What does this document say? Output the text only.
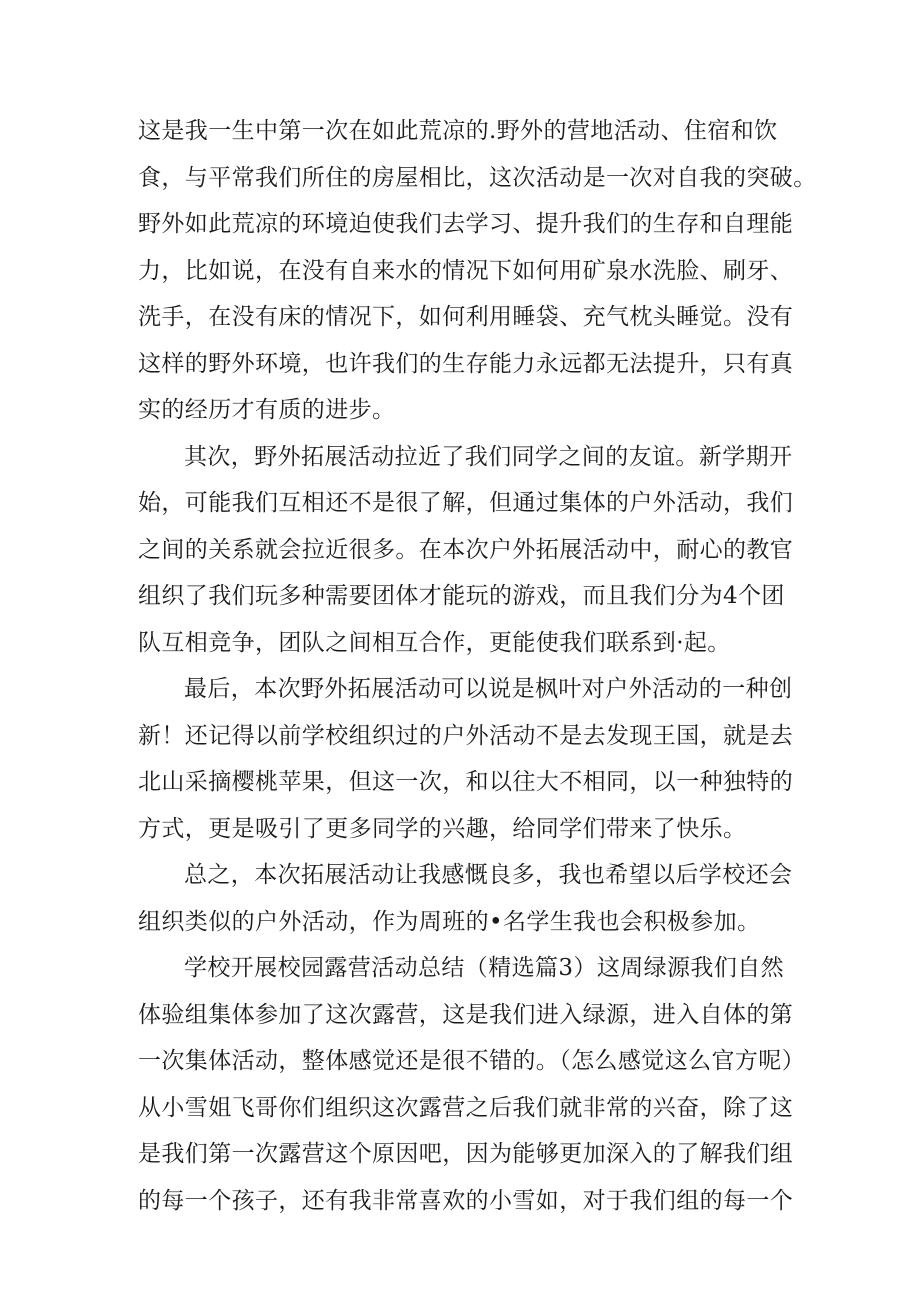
这是我一生中第一次在如此荒凉的.野外的营地活动、住宿和饮
食，与平常我们所住的房屋相比，这次活动是一次对自我的突破。
野外如此荒凉的环境迫使我们去学习、提升我们的生存和自理能
力，比如说，在没有自来水的情况下如何用矿泉水洗脸、刷牙、
洗手，在没有床的情况下，如何利用睡袋、充气枕头睡觉。没有
这样的野外环境，也许我们的生存能力永远都无法提升，只有真
实的经历才有质的进步。
其次，野外拓展活动拉近了我们同学之间的友谊。新学期开
始，可能我们互相还不是很了解，但通过集体的户外活动，我们
之间的关系就会拉近很多。在本次户外拓展活动中，耐心的教官
组织了我们玩多种需要团体才能玩的游戏，而且我们分为4个团
队互相竞争，团队之间相互合作，更能使我们联系到·起。
最后，本次野外拓展活动可以说是枫叶对户外活动的一种创
新！还记得以前学校组织过的户外活动不是去发现王国，就是去
北山采摘樱桃苹果，但这一次，和以往大不相同，以一种独特的
方式，更是吸引了更多同学的兴趣，给同学们带来了快乐。
总之，本次拓展活动让我感慨良多，我也希望以后学校还会
组织类似的户外活动，作为周班的•名学生我也会积极参加。
学校开展校园露营活动总结（精选篇3）这周绿源我们自然
体验组集体参加了这次露营，这是我们进入绿源，进入自体的第
一次集体活动，整体感觉还是很不错的。（怎么感觉这么官方呢）
从小雪姐飞哥你们组织这次露营之后我们就非常的兴奋，除了这
是我们第一次露营这个原因吧，因为能够更加深入的了解我们组
的每一个孩子，还有我非常喜欢的小雪如，对于我们组的每一个
